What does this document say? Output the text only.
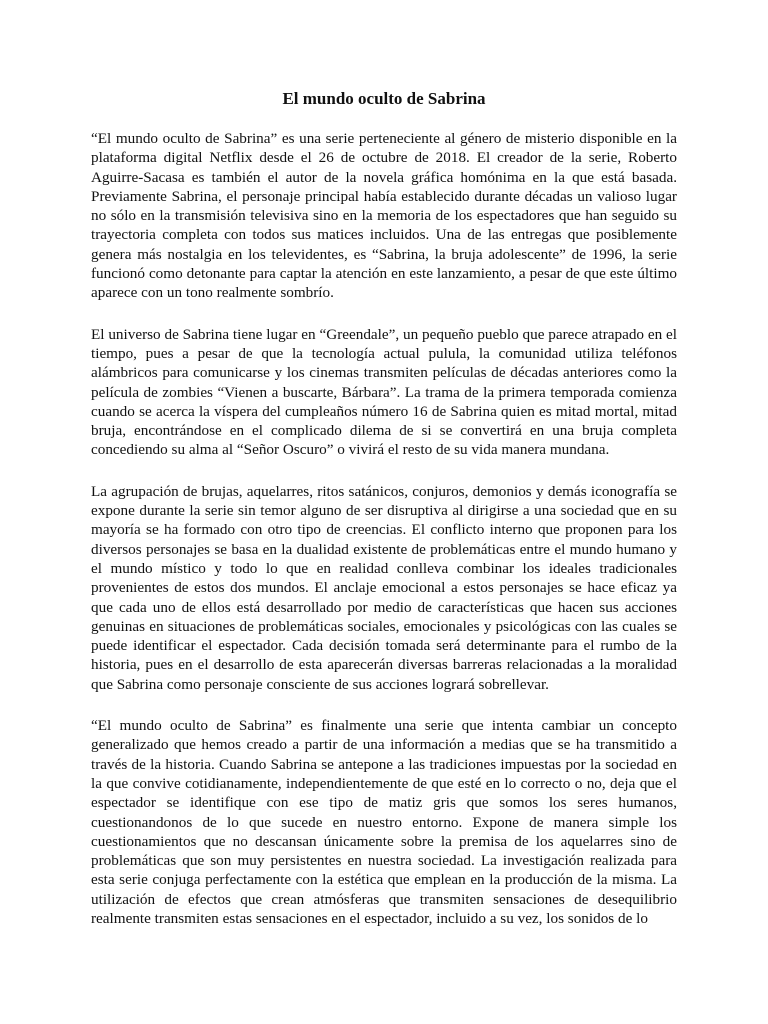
El mundo oculto de Sabrina

“El mundo oculto de Sabrina” es una serie perteneciente al género de misterio disponible en la plataforma digital Netflix desde el 26 de octubre de 2018. El creador de la serie, Roberto Aguirre-Sacasa es también el autor de la novela gráfica homónima en la que está basada. Previamente Sabrina, el personaje principal había establecido durante décadas un valioso lugar no sólo en la transmisión televisiva sino en la memoria de los espectadores que han seguido su trayectoria completa con todos sus matices incluidos. Una de las entregas que posiblemente genera más nostalgia en los televidentes, es “Sabrina, la bruja adolescente” de 1996, la serie funcionó como detonante para captar la atención en este lanzamiento, a pesar de que este último aparece con un tono realmente sombrío.

El universo de Sabrina tiene lugar en “Greendale”, un pequeño pueblo que parece atrapado en el tiempo, pues a pesar de que la tecnología actual pulula, la comunidad utiliza teléfonos alámbricos para comunicarse y los cinemas transmiten películas de décadas anteriores como la película de zombies “Vienen a buscarte, Bárbara”. La trama de la primera temporada comienza cuando se acerca la víspera del cumpleaños número 16 de Sabrina quien es mitad mortal, mitad bruja, encontrándose en el complicado dilema de si se convertirá en una bruja completa concediendo su alma al “Señor Oscuro” o vivirá el resto de su vida manera mundana.

La agrupación de brujas, aquelarres, ritos satánicos, conjuros, demonios y demás iconografía se expone durante la serie sin temor alguno de ser disruptiva al dirigirse a una sociedad que en su mayoría se ha formado con otro tipo de creencias. El conflicto interno que proponen para los diversos personajes se basa en la dualidad existente de problemáticas entre el mundo humano y el mundo místico y todo lo que en realidad conlleva combinar los ideales tradicionales provenientes de estos dos mundos. El anclaje emocional a estos personajes se hace eficaz ya que cada uno de ellos está desarrollado por medio de características que hacen sus acciones genuinas en situaciones de problemáticas sociales, emocionales y psicológicas con las cuales se puede identificar el espectador. Cada decisión tomada será determinante para el rumbo de la historia, pues en el desarrollo de esta aparecerán diversas barreras relacionadas a la moralidad que Sabrina como personaje consciente de sus acciones logrará sobrellevar.

“El mundo oculto de Sabrina” es finalmente una serie que intenta cambiar un concepto generalizado que hemos creado a partir de una información a medias que se ha transmitido a través de la historia. Cuando Sabrina se antepone a las tradiciones impuestas por la sociedad en la que convive cotidianamente, independientemente de que esté en lo correcto o no, deja que el espectador se identifique con ese tipo de matiz gris que somos los seres humanos, cuestionandonos de lo que sucede en nuestro entorno. Expone de manera simple los cuestionamientos que no descansan únicamente sobre la premisa de los aquelarres sino de problemáticas que son muy persistentes en nuestra sociedad. La investigación realizada para esta serie conjuga perfectamente con la estética que emplean en la producción de la misma. La utilización de efectos que crean atmósferas que transmiten sensaciones de desequilibrio realmente transmiten estas sensaciones en el espectador, incluido a su vez, los sonidos de lo
